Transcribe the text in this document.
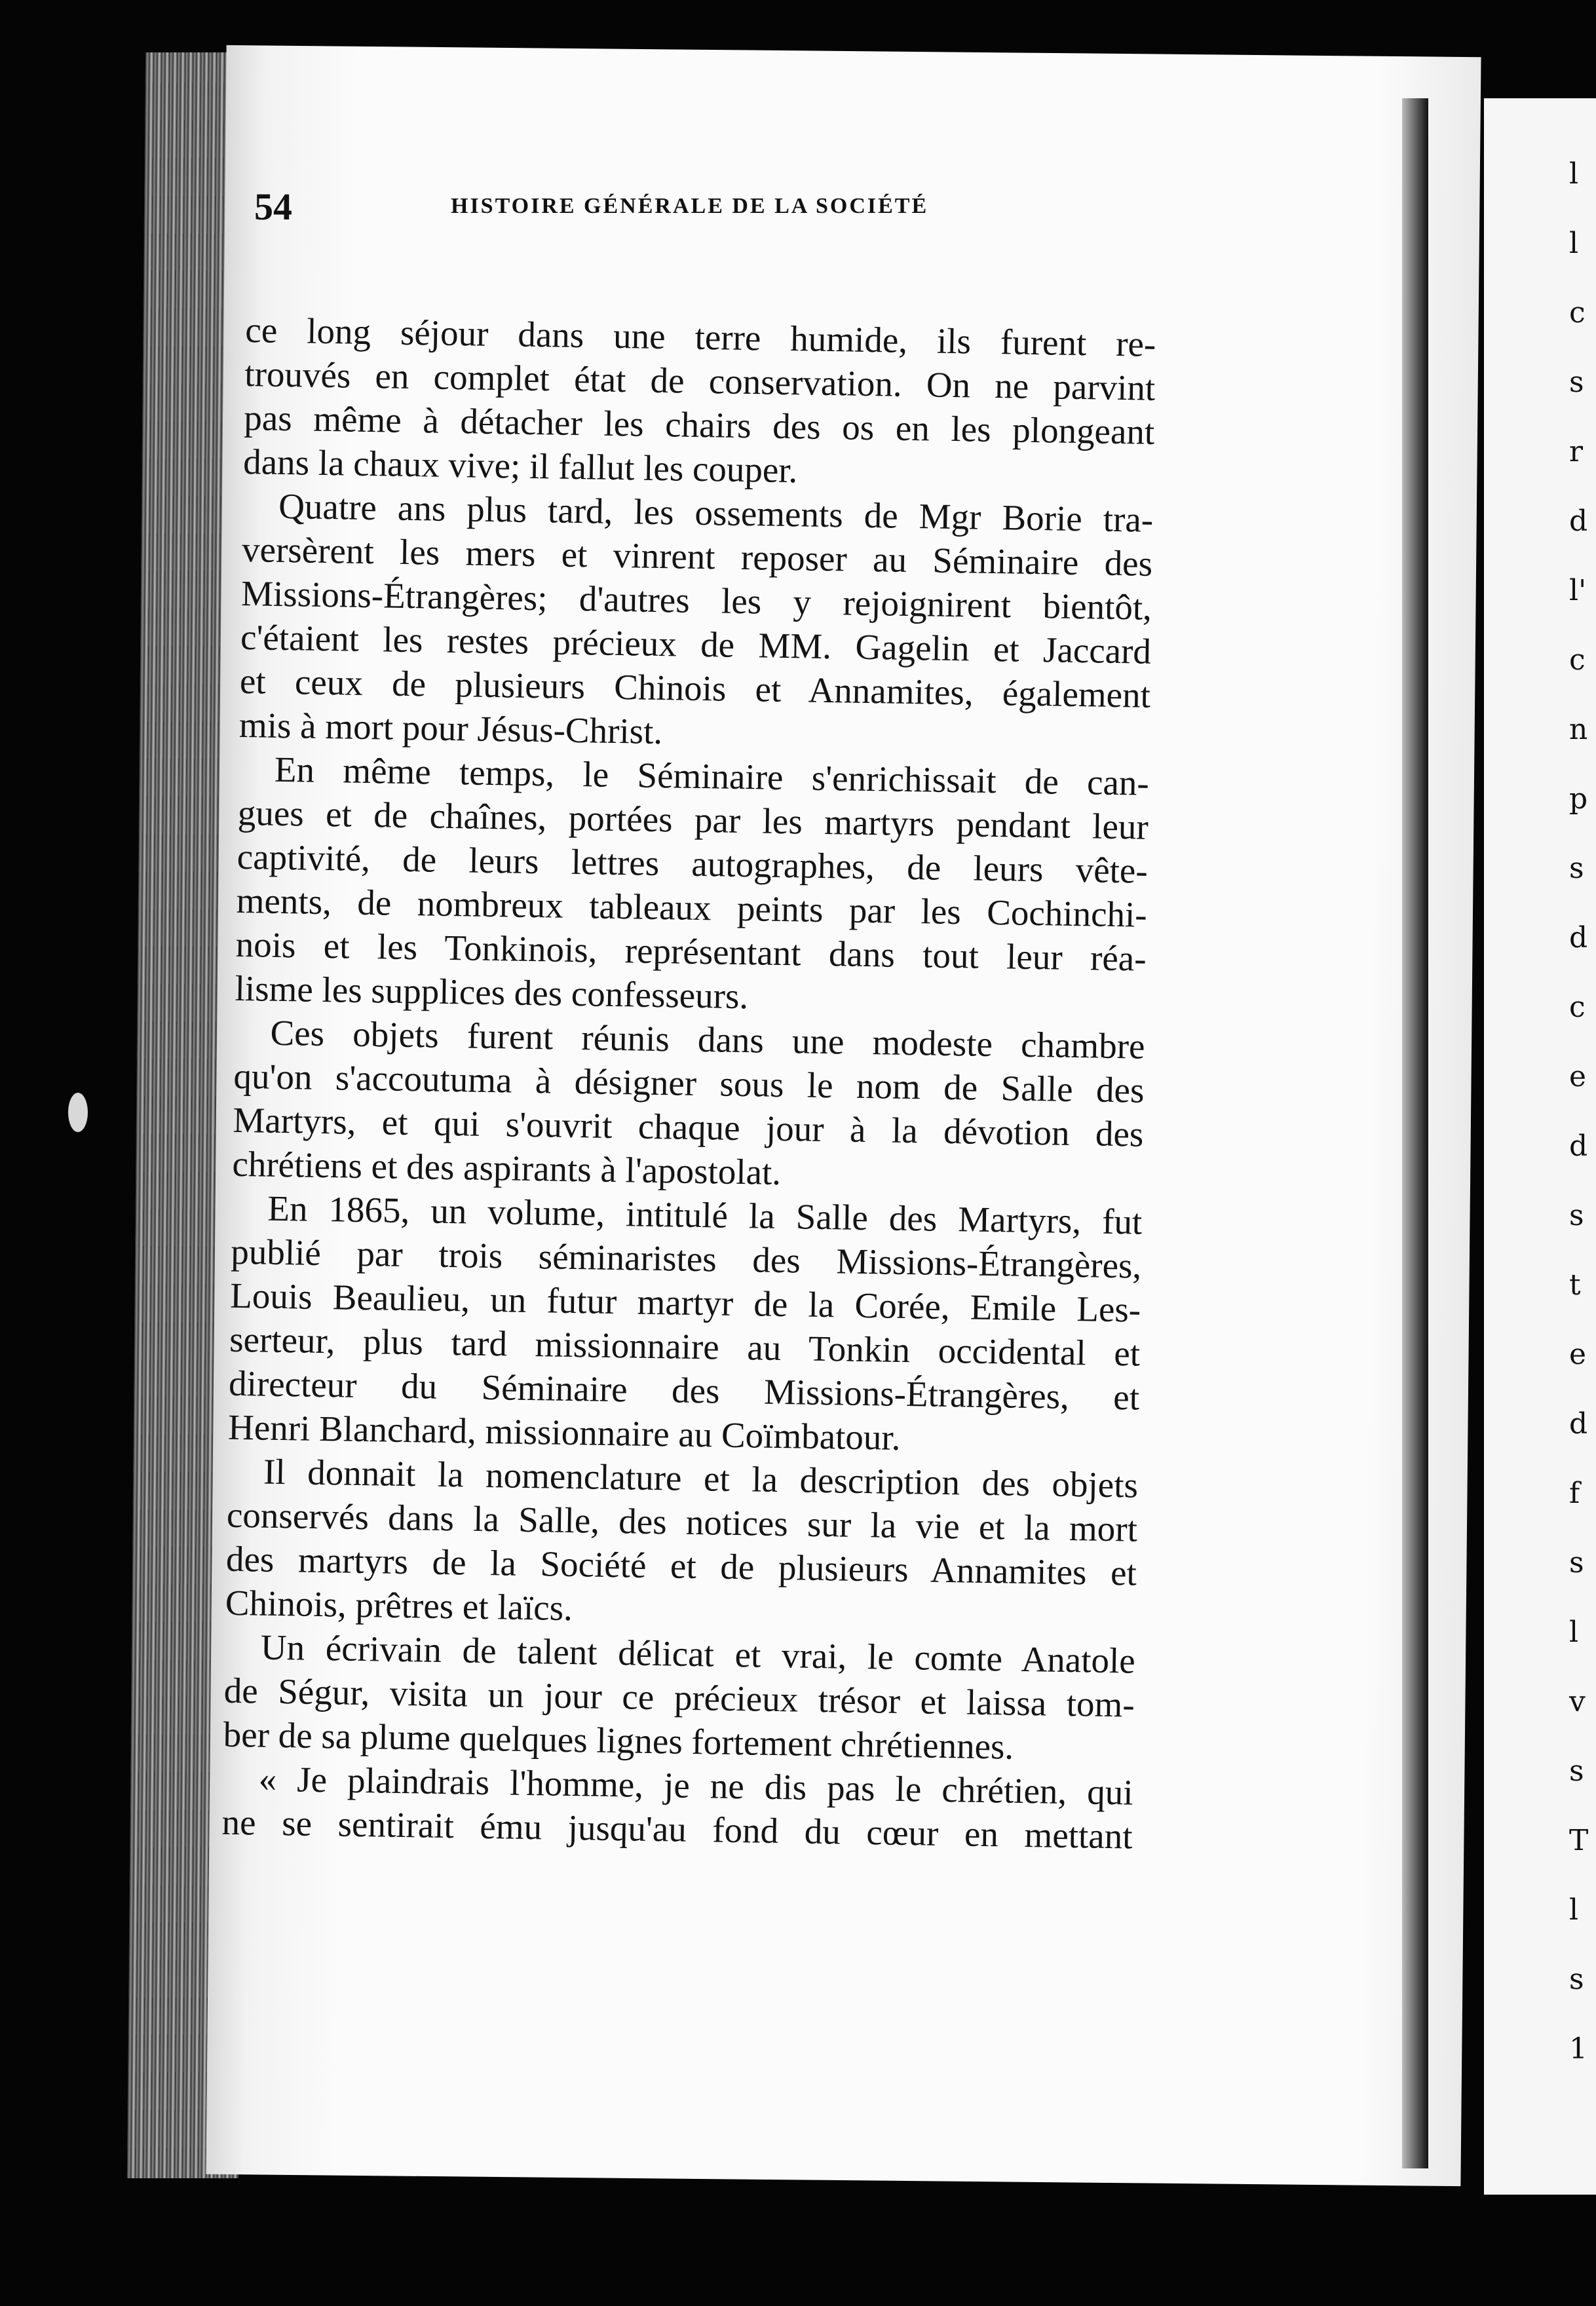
l
l
c
s
r
d
l'
c
n
p
s
d
c
e
d
s
t
e
d
f
s
l
v
s
T
l
s
1
54	HISTOIRE GÉNÉRALE DE LA SOCIÉTÉ
ce long séjour dans une terre humide, ils furent re-
trouvés en complet état de conservation. On ne parvint
pas même à détacher les chairs des os en les plongeant
dans la chaux vive; il fallut les couper.
Quatre ans plus tard, les ossements de Mgr Borie tra-
versèrent les mers et vinrent reposer au Séminaire des
Missions-Étrangères; d'autres les y rejoignirent bientôt,
c'étaient les restes précieux de MM. Gagelin et Jaccard
et ceux de plusieurs Chinois et Annamites, également
mis à mort pour Jésus-Christ.
En même temps, le Séminaire s'enrichissait de can-
gues et de chaînes, portées par les martyrs pendant leur
captivité, de leurs lettres autographes, de leurs vête-
ments, de nombreux tableaux peints par les Cochinchi-
nois et les Tonkinois, représentant dans tout leur réa-
lisme les supplices des confesseurs.
Ces objets furent réunis dans une modeste chambre
qu'on s'accoutuma à désigner sous le nom de Salle des
Martyrs, et qui s'ouvrit chaque jour à la dévotion des
chrétiens et des aspirants à l'apostolat.
En 1865, un volume, intitulé la Salle des Martyrs, fut
publié par trois séminaristes des Missions-Étrangères,
Louis Beaulieu, un futur martyr de la Corée, Emile Les-
serteur, plus tard missionnaire au Tonkin occidental et
directeur du Séminaire des Missions-Étrangères, et
Henri Blanchard, missionnaire au Coïmbatour.
Il donnait la nomenclature et la description des objets
conservés dans la Salle, des notices sur la vie et la mort
des martyrs de la Société et de plusieurs Annamites et
Chinois, prêtres et laïcs.
Un écrivain de talent délicat et vrai, le comte Anatole
de Ségur, visita un jour ce précieux trésor et laissa tom-
ber de sa plume quelques lignes fortement chrétiennes.
« Je plaindrais l'homme, je ne dis pas le chrétien, qui
ne se sentirait ému jusqu'au fond du cœur en mettant
